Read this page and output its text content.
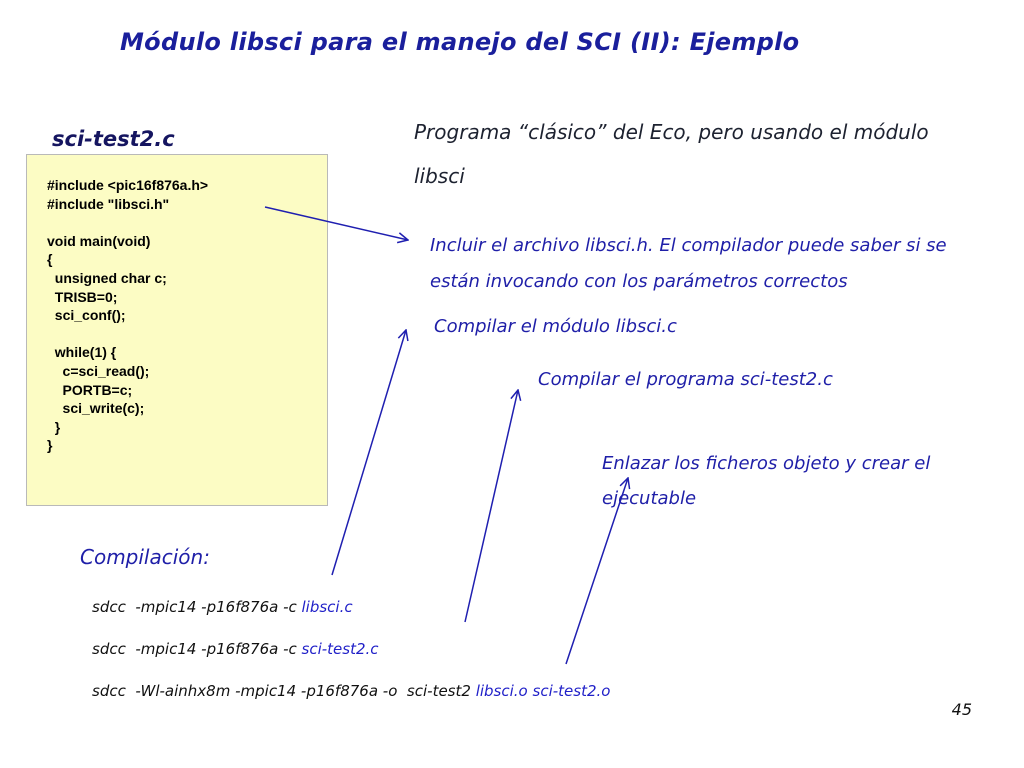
Módulo libsci para el manejo del SCI (II): Ejemplo
sci-test2.c	Programa “clásico” del Eco, pero usando el módulo libsci
#include <pic16f876a.h>
#include "libsci.h"

void main(void)
{
unsigned char c;
TRISB=0;
sci_conf();

while(1) {
c=sci_read();
PORTB=c;
sci_write(c);
}
}
Incluir el archivo libsci.h. El compilador puede saber si se están invocando con los parámetros correctos
Compilar el módulo libsci.c
Compilar el programa sci-test2.c
Enlazar los ficheros objeto y crear el ejecutable
Compilación:
sdcc  -mpic14 -p16f876a -c libsci.c
sdcc  -mpic14 -p16f876a -c sci-test2.c
sdcc  -Wl-ainhx8m -mpic14 -p16f876a -o  sci-test2 libsci.o sci-test2.o
45
